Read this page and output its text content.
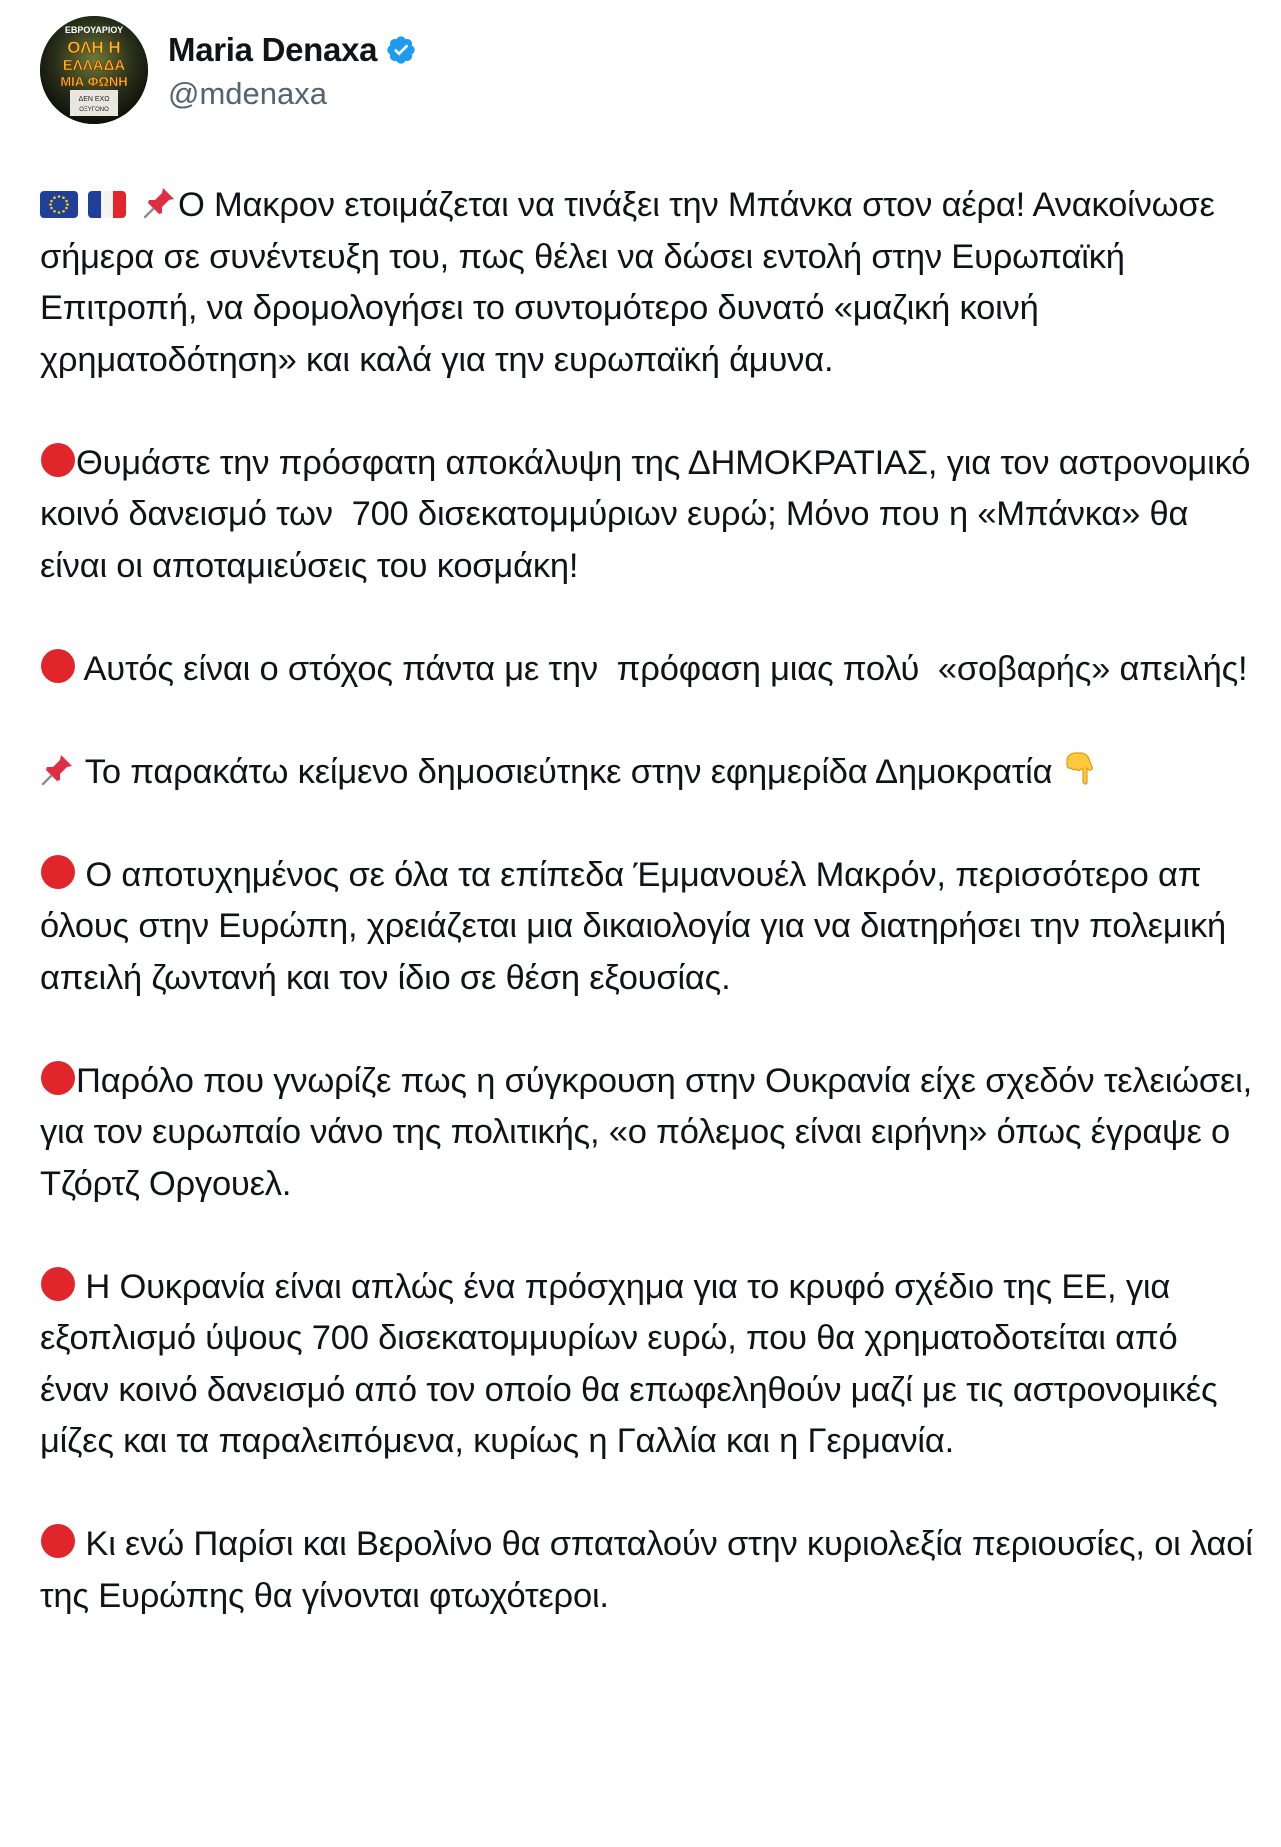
ΕΒΡΟΥΑΡΙΟΥ
ΟΛΗ Η
ΕΛΛΑΔΑ
ΜΙΑ ΦΩΝΗ
ΔΕΝ ΕΧΩ
ΟΞΥΓΟΝΟ
Maria Denaxa
@mdenaxa

Ο Μακρον ετοιμάζεται να τινάξει την Μπάνκα στον αέρα! Ανακοίνωσε  σήμερα σε συνέντευξη του, πως θέλει να δώσει εντολή στην Ευρωπαϊκή Επιτροπή, να δρομολογήσει το συντομότερο δυνατό «μαζική κοινή χρηματοδότηση» και καλά για την ευρωπαϊκή άμυνα.

Θυμάστε την πρόσφατη αποκάλυψη της ΔΗΜΟΚΡΑΤΙΑΣ, για τον αστρονομικό κοινό δανεισμό των  700 δισεκατομμύριων ευρώ; Μόνο που η «Μπάνκα» θα είναι οι αποταμιεύσεις του κοσμάκη!

Αυτός είναι ο στόχος πάντα με την  πρόφαση μιας πολύ  «σοβαρής» απειλής!

Το παρακάτω κείμενο δημοσιεύτηκε στην εφημερίδα Δημοκρατία

Ο αποτυχημένος σε όλα τα επίπεδα Έμμανουέλ Μακρόν, περισσότερο απ όλους στην Ευρώπη, χρειάζεται μια δικαιολογία για να διατηρήσει την πολεμική απειλή ζωντανή και τον ίδιο σε θέση εξουσίας.

Παρόλο που γνωρίζε πως η σύγκρουση στην Ουκρανία είχε σχεδόν τελειώσει, για τον ευρωπαίο νάνο της πολιτικής, «ο πόλεμος είναι ειρήνη» όπως έγραψε ο Τζόρτζ Οργουελ.

Η Ουκρανία είναι απλώς ένα πρόσχημα για το κρυφό σχέδιο της ΕΕ, για εξοπλισμό ύψους 700 δισεκατομμυρίων ευρώ, που θα χρηματοδοτείται από έναν κοινό δανεισμό από τον οποίο θα επωφεληθούν μαζί με τις αστρονομικές μίζες και τα παραλειπόμενα, κυρίως η Γαλλία και η Γερμανία.

Κι ενώ Παρίσι και Βερολίνο θα σπαταλούν στην κυριολεξία περιουσίες, οι λαοί της Ευρώπης θα γίνονται φτωχότεροι.
